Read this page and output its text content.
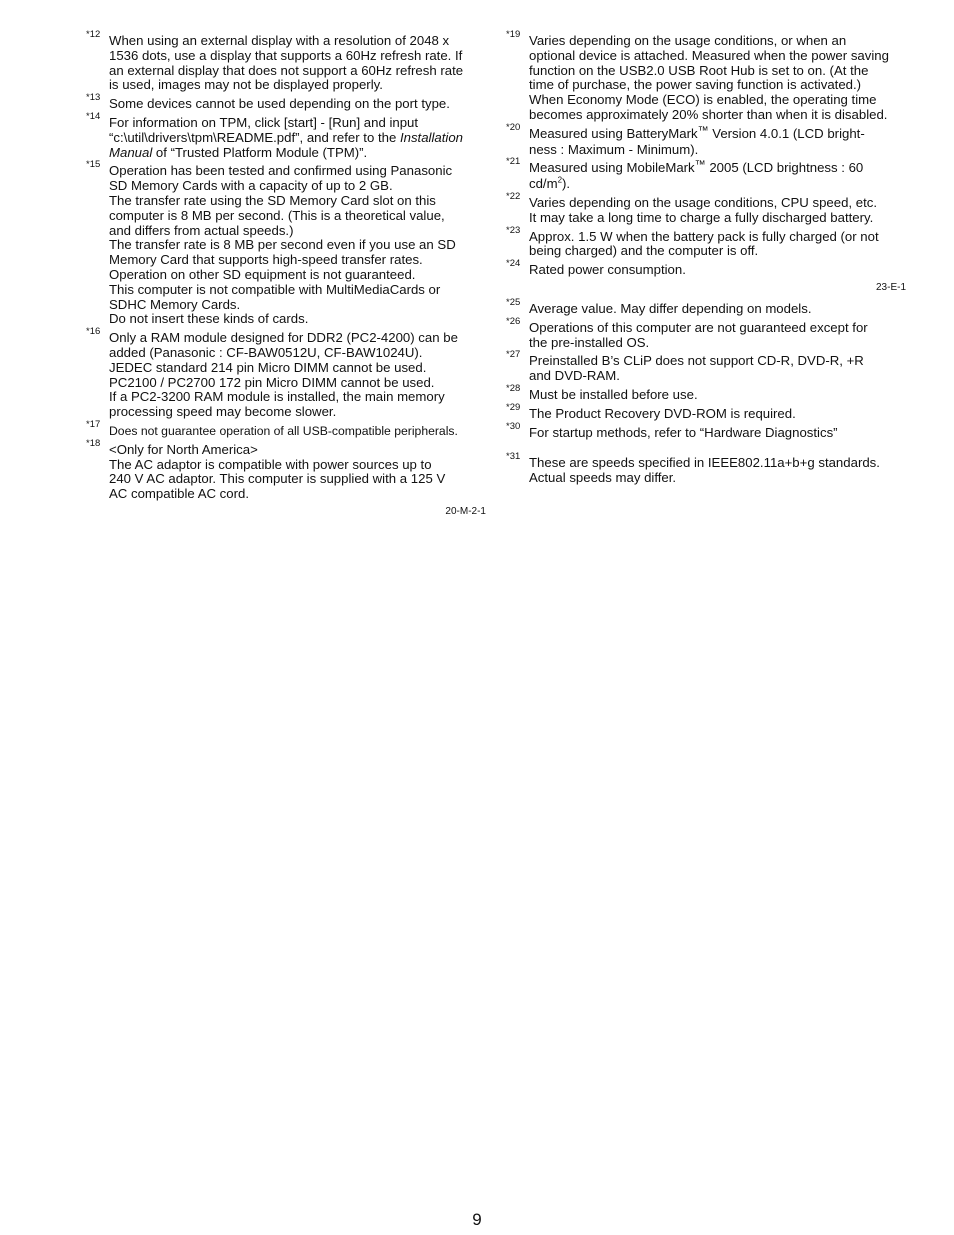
*12 When using an external display with a resolution of 2048 x
1536 dots, use a display that supports a 60Hz refresh rate. If
an external display that does not support a 60Hz refresh rate
is used, images may not be displayed properly.
*13 Some devices cannot be used depending on the port type.
*14 For information on TPM, click [start] - [Run] and input
“c:\util\drivers\tpm\README.pdf”, and refer to the Installation
Manual of “Trusted Platform Module (TPM)”.
*15 Operation has been tested and confirmed using Panasonic
SD Memory Cards with a capacity of up to 2 GB.
The transfer rate using the SD Memory Card slot on this
computer is 8 MB per second. (This is a theoretical value,
and differs from actual speeds.)
The transfer rate is 8 MB per second even if you use an SD
Memory Card that supports high-speed transfer rates.
Operation on other SD equipment is not guaranteed.
This computer is not compatible with MultiMediaCards or
SDHC Memory Cards.
Do not insert these kinds of cards.
*16 Only a RAM module designed for DDR2 (PC2-4200) can be
added (Panasonic : CF-BAW0512U, CF-BAW1024U).
JEDEC standard 214 pin Micro DIMM cannot be used.
PC2100 / PC2700 172 pin Micro DIMM cannot be used.
If a PC2-3200 RAM module is installed, the main memory
processing speed may become slower.
*17 Does not guarantee operation of all USB-compatible peripherals.
*18 <Only for North America>
The AC adaptor is compatible with power sources up to
240 V AC adaptor. This computer is supplied with a 125 V
AC compatible AC cord.
20-M-2-1
*19 Varies depending on the usage conditions, or when an
optional device is attached. Measured when the power saving
function on the USB2.0 USB Root Hub is set to on. (At the
time of purchase, the power saving function is activated.)
When Economy Mode (ECO) is enabled, the operating time
becomes approximately 20% shorter than when it is disabled.
*20 Measured using BatteryMark™ Version 4.0.1 (LCD bright-
ness : Maximum - Minimum).
*21 Measured using MobileMark™ 2005 (LCD brightness : 60
$cd/m^2$).
*22 Varies depending on the usage conditions, CPU speed, etc.
It may take a long time to charge a fully discharged battery.
*23 Approx. 1.5 W when the battery pack is fully charged (or not
being charged) and the computer is off.
*24 Rated power consumption.
23-E-1
*25 Average value. May differ depending on models.
*26 Operations of this computer are not guaranteed except for
the pre-installed OS.
*27 Preinstalled B’s CLiP does not support CD-R, DVD-R, +R
and DVD-RAM.
*28 Must be installed before use.
*29 The Product Recovery DVD-ROM is required.
*30 For startup methods, refer to “Hardware Diagnostics”
*31 These are speeds specified in IEEE802.11a+b+g standards.
Actual speeds may differ.
9
